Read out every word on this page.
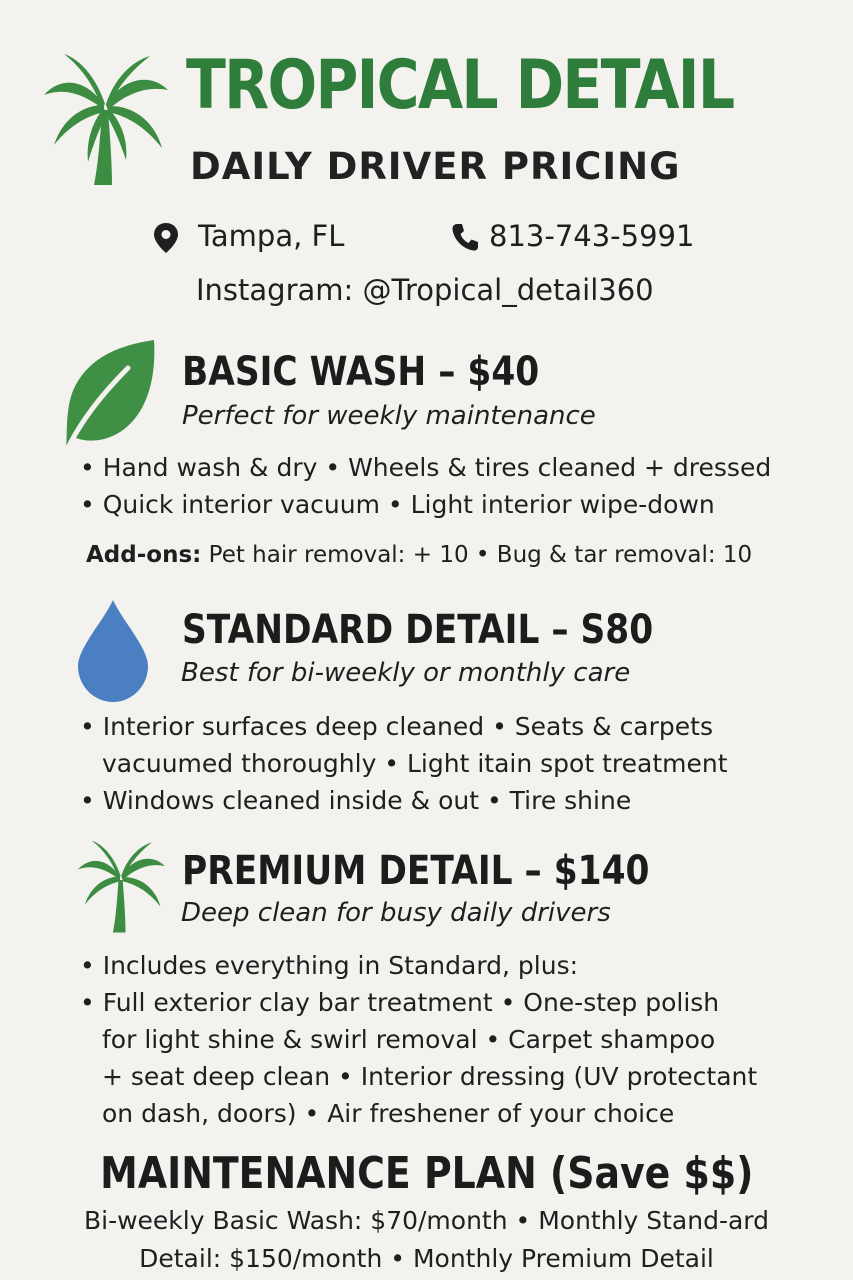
TROPICAL DETAIL
DAILY DRIVER PRICING
Tampa, FL	813-743-5991
Instagram: @Tropical_detail360
BASIC WASH – $40
Perfect for weekly maintenance
• Hand wash & dry • Wheels & tires cleaned + dressed
• Quick interior vacuum • Light interior wipe-down
Add-ons: Pet hair removal: + 10 • Bug & tar removal: 10
STANDARD DETAIL – S80
Best for bi-weekly or monthly care
• Interior surfaces deep cleaned • Seats & carpets
vacuumed thoroughly • Light itain spot treatment
• Windows cleaned inside & out • Tire shine
PREMIUM DETAIL – $140
Deep clean for busy daily drivers
• Includes everything in Standard, plus:
• Full exterior clay bar treatment • One-step polish
for light shine & swirl removal • Carpet shampoo
+ seat deep clean • Interior dressing (UV protectant
on dash, doors) • Air freshener of your choice
MAINTENANCE PLAN (Save $$)
Bi-weekly Basic Wash: $70/month • Monthly Stand-ard
Detail: $150/month • Monthly Premium Detail
